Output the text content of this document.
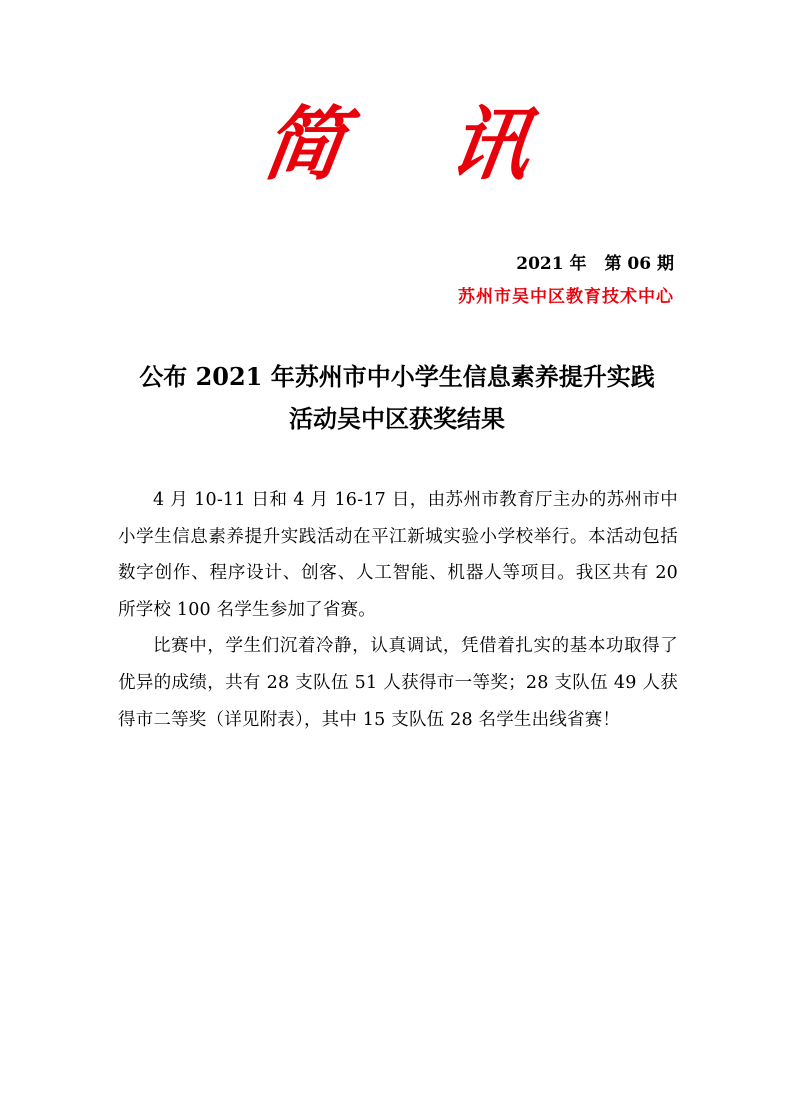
简 讯
2021 年 第 06 期
苏州市吴中区教育技术中心
公布 2021 年苏州市中小学生信息素养提升实践
活动吴中区获奖结果

4 月 10-11 日和 4 月 16-17 日，由苏州市教育厅主办的苏州市中小学生信息素养提升实践活动在平江新城实验小学校举行。本活动包括数字创作、程序设计、创客、人工智能、机器人等项目。我区共有 20 所学校 100 名学生参加了省赛。

比赛中，学生们沉着冷静，认真调试，凭借着扎实的基本功取得了优异的成绩，共有 28 支队伍 51 人获得市一等奖；28 支队伍 49 人获得市二等奖（详见附表），其中 15 支队伍 28 名学生出线省赛！
